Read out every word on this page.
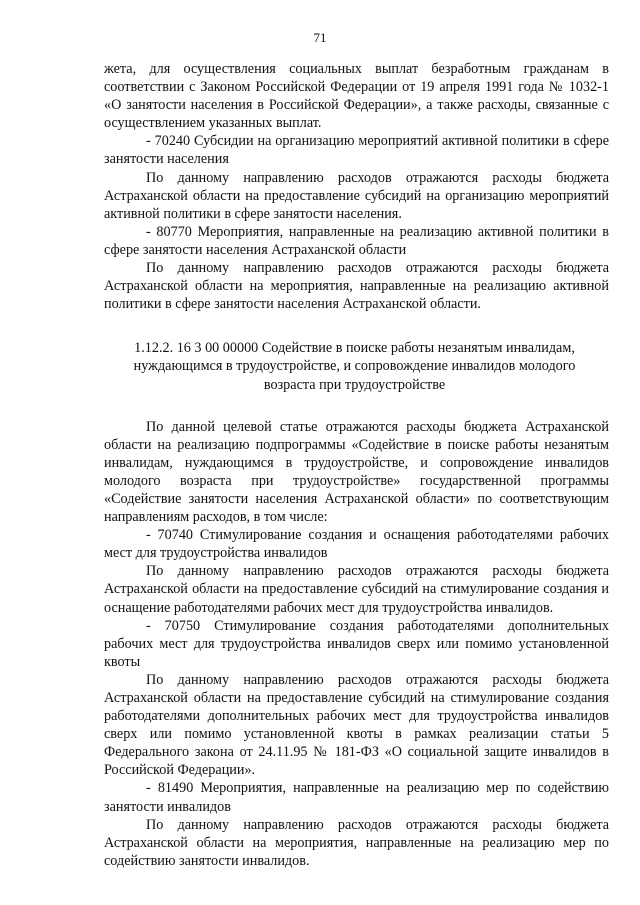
71

жета, для осуществления социальных выплат безработным гражданам в соответствии с Законом Российской Федерации от 19 апреля 1991 года № 1032-1 «О занятости населения в Российской Федерации», а также расходы, связанные с осуществлением указанных выплат.

- 70240 Субсидии на организацию мероприятий активной политики в сфере занятости населения

По данному направлению расходов отражаются расходы бюджета Астраханской области на предоставление субсидий на организацию мероприятий активной политики в сфере занятости населения.

- 80770 Мероприятия, направленные на реализацию активной политики в сфере занятости населения Астраханской области

По данному направлению расходов отражаются расходы бюджета Астраханской области на мероприятия, направленные на реализацию активной политики в сфере занятости населения Астраханской области.

1.12.2. 16 3 00 00000 Содействие в поиске работы незанятым инвалидам, нуждающимся в трудоустройстве, и сопровождение инвалидов молодого возраста при трудоустройстве

По данной целевой статье отражаются расходы бюджета Астраханской области на реализацию подпрограммы «Содействие в поиске работы незанятым инвалидам, нуждающимся в трудоустройстве, и сопровождение инвалидов молодого возраста при трудоустройстве» государственной программы «Содействие занятости населения Астраханской области» по соответствующим направлениям расходов, в том числе:

- 70740 Стимулирование создания и оснащения работодателями рабочих мест для трудоустройства инвалидов

По данному направлению расходов отражаются расходы бюджета Астраханской области на предоставление субсидий на стимулирование создания и оснащение работодателями рабочих мест для трудоустройства инвалидов.

- 70750 Стимулирование создания работодателями дополнительных рабочих мест для трудоустройства инвалидов сверх или помимо установленной квоты

По данному направлению расходов отражаются расходы бюджета Астраханской области на предоставление субсидий на стимулирование создания работодателями дополнительных рабочих мест для трудоустройства инвалидов сверх или помимо установленной квоты в рамках реализации статьи 5 Федерального закона от 24.11.95 № 181-ФЗ «О социальной защите инвалидов в Российской Федерации».

- 81490 Мероприятия, направленные на реализацию мер по содействию занятости инвалидов

По данному направлению расходов отражаются расходы бюджета Астраханской области на мероприятия, направленные на реализацию мер по содействию занятости инвалидов.
